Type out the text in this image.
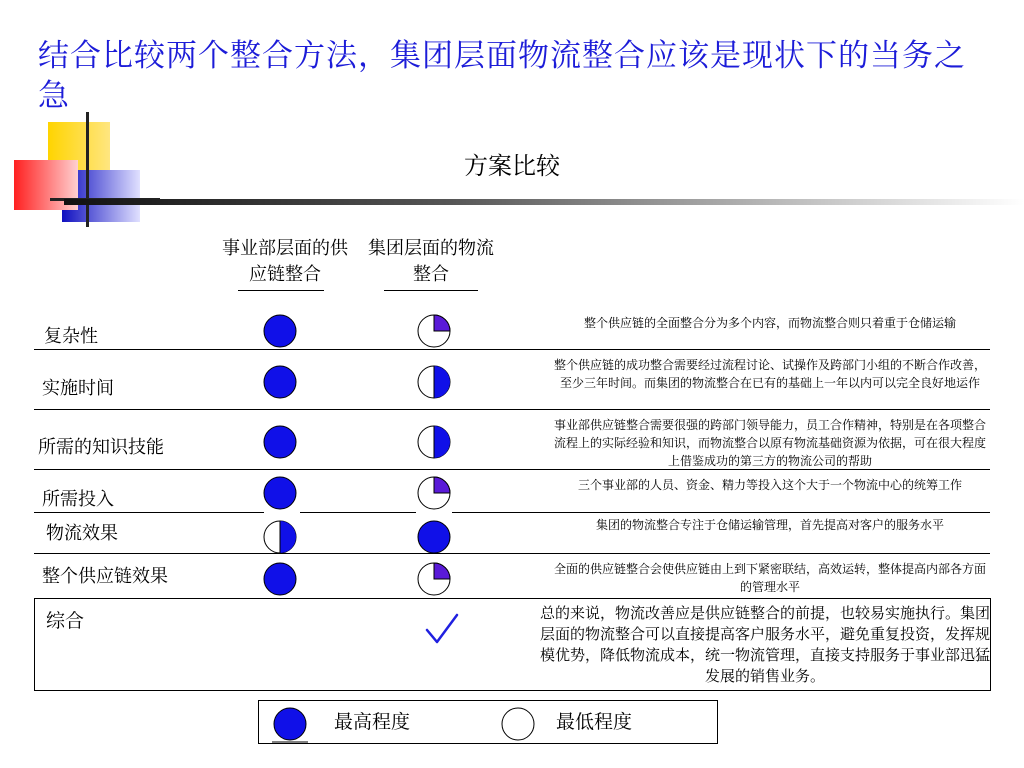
结合比较两个整合方法，集团层面物流整合应该是现状下的当务之急
方案比较
事业部层面的供应链整合
集团层面的物流整合
复杂性
实施时间
所需的知识技能
所需投入
物流效果
整个供应链效果
整个供应链的全面整合分为多个内容，而物流整合则只着重于仓储运输
整个供应链的成功整合需要经过流程讨论、试操作及跨部门小组的不断合作改善，至少三年时间。而集团的物流整合在已有的基础上一年以内可以完全良好地运作
事业部供应链整合需要很强的跨部门领导能力，员工合作精神，特别是在各项整合流程上的实际经验和知识，而物流整合以原有物流基础资源为依据，可在很大程度上借鉴成功的第三方的物流公司的帮助
三个事业部的人员、资金、精力等投入这个大于一个物流中心的统筹工作
集团的物流整合专注于仓储运输管理，首先提高对客户的服务水平
全面的供应链整合会使供应链由上到下紧密联结，高效运转，整体提高内部各方面的管理水平
综合	总的来说，物流改善应是供应链整合的前提，也较易实施执行。集团层面的物流整合可以直接提高客户服务水平，避免重复投资，发挥规模优势，降低物流成本，统一物流管理，直接支持服务于事业部迅猛发展的销售业务。
最高程度	最低程度
